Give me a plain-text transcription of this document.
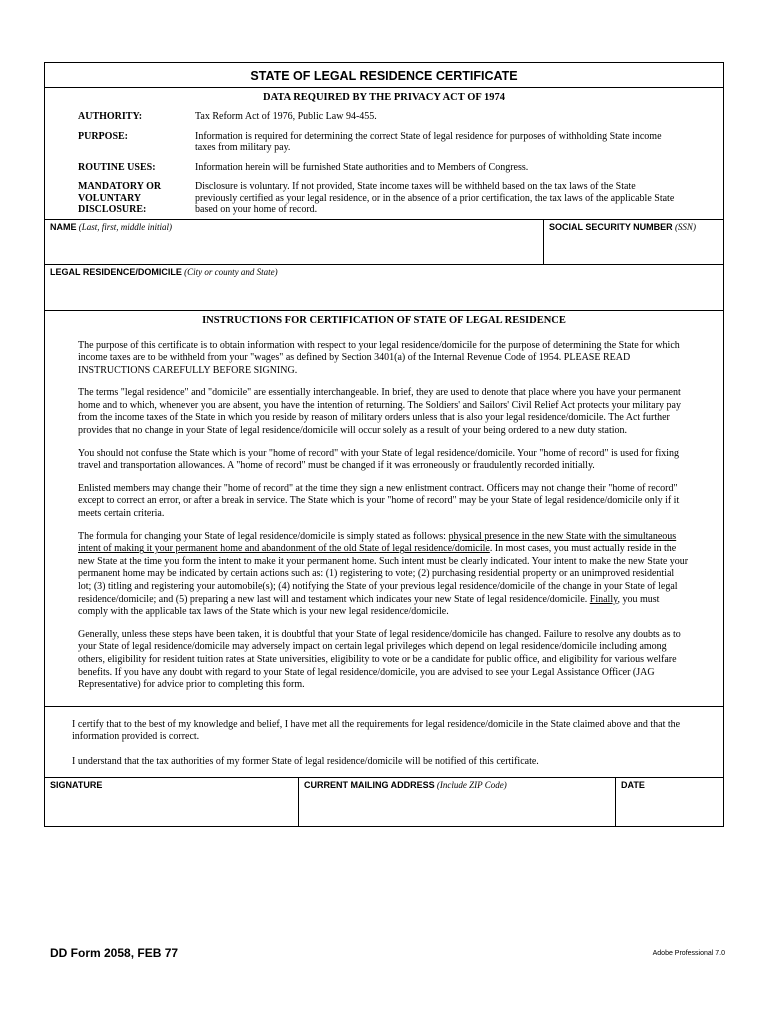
STATE OF LEGAL RESIDENCE CERTIFICATE
DATA REQUIRED BY THE PRIVACY ACT OF 1974
AUTHORITY:	Tax Reform Act of 1976, Public Law 94-455.
PURPOSE:	Information is required for determining the correct State of legal residence for purposes of withholding State income taxes from military pay.
ROUTINE USES:	Information herein will be furnished State authorities and to Members of Congress.
MANDATORY OR
VOLUNTARY
DISCLOSURE:
Disclosure is voluntary. If not provided, State income taxes will be withheld based on the tax laws of the State previously certified as your legal residence, or in the absence of a prior certification, the tax laws of the applicable State based on your home of record.
NAME (Last, first, middle initial)	SOCIAL SECURITY NUMBER (SSN)
LEGAL RESIDENCE/DOMICILE (City or county and State)
INSTRUCTIONS FOR CERTIFICATION OF STATE OF LEGAL RESIDENCE
The purpose of this certificate is to obtain information with respect to your legal residence/domicile for the purpose of determining the State for which income taxes are to be withheld from your "wages" as defined by Section 3401(a) of the Internal Revenue Code of 1954. PLEASE READ INSTRUCTIONS CAREFULLY BEFORE SIGNING.
The terms "legal residence" and "domicile" are essentially interchangeable. In brief, they are used to denote that place where you have your permanent home and to which, whenever you are absent, you have the intention of returning. The Soldiers' and Sailors' Civil Relief Act protects your military pay from the income taxes of the State in which you reside by reason of military orders unless that is also your legal residence/domicile. The Act further provides that no change in your State of legal residence/domicile will occur solely as a result of your being ordered to a new duty station.
You should not confuse the State which is your "home of record" with your State of legal residence/domicile. Your "home of record" is used for fixing travel and transportation allowances. A "home of record" must be changed if it was erroneously or fraudulently recorded initially.
Enlisted members may change their "home of record" at the time they sign a new enlistment contract. Officers may not change their "home of record" except to correct an error, or after a break in service. The State which is your "home of record" may be your State of legal residence/domicile only if it meets certain criteria.
The formula for changing your State of legal residence/domicile is simply stated as follows: physical presence in the new State with the simultaneous intent of making it your permanent home and abandonment of the old State of legal residence/domicile. In most cases, you must actually reside in the new State at the time you form the intent to make it your permanent home. Such intent must be clearly indicated. Your intent to make the new State your permanent home may be indicated by certain actions such as: (1) registering to vote; (2) purchasing residential property or an unimproved residential lot; (3) titling and registering your automobile(s); (4) notifying the State of your previous legal residence/domicile of the change in your State of legal residence/domicile; and (5) preparing a new last will and testament which indicates your new State of legal residence/domicile. Finally, you must comply with the applicable tax laws of the State which is your new legal residence/domicile.
Generally, unless these steps have been taken, it is doubtful that your State of legal residence/domicile has changed. Failure to resolve any doubts as to your State of legal residence/domicile may adversely impact on certain legal privileges which depend on legal residence/domicile including among others, eligibility for resident tuition rates at State universities, eligibility to vote or be a candidate for public office, and eligibility for various welfare benefits. If you have any doubt with regard to your State of legal residence/domicile, you are advised to see your Legal Assistance Officer (JAG Representative) for advice prior to completing this form.
I certify that to the best of my knowledge and belief, I have met all the requirements for legal residence/domicile in the State claimed above and that the information provided is correct.
I understand that the tax authorities of my former State of legal residence/domicile will be notified of this certificate.
SIGNATURE	CURRENT MAILING ADDRESS (Include ZIP Code)	DATE
DD Form 2058, FEB 77	Adobe Professional 7.0
